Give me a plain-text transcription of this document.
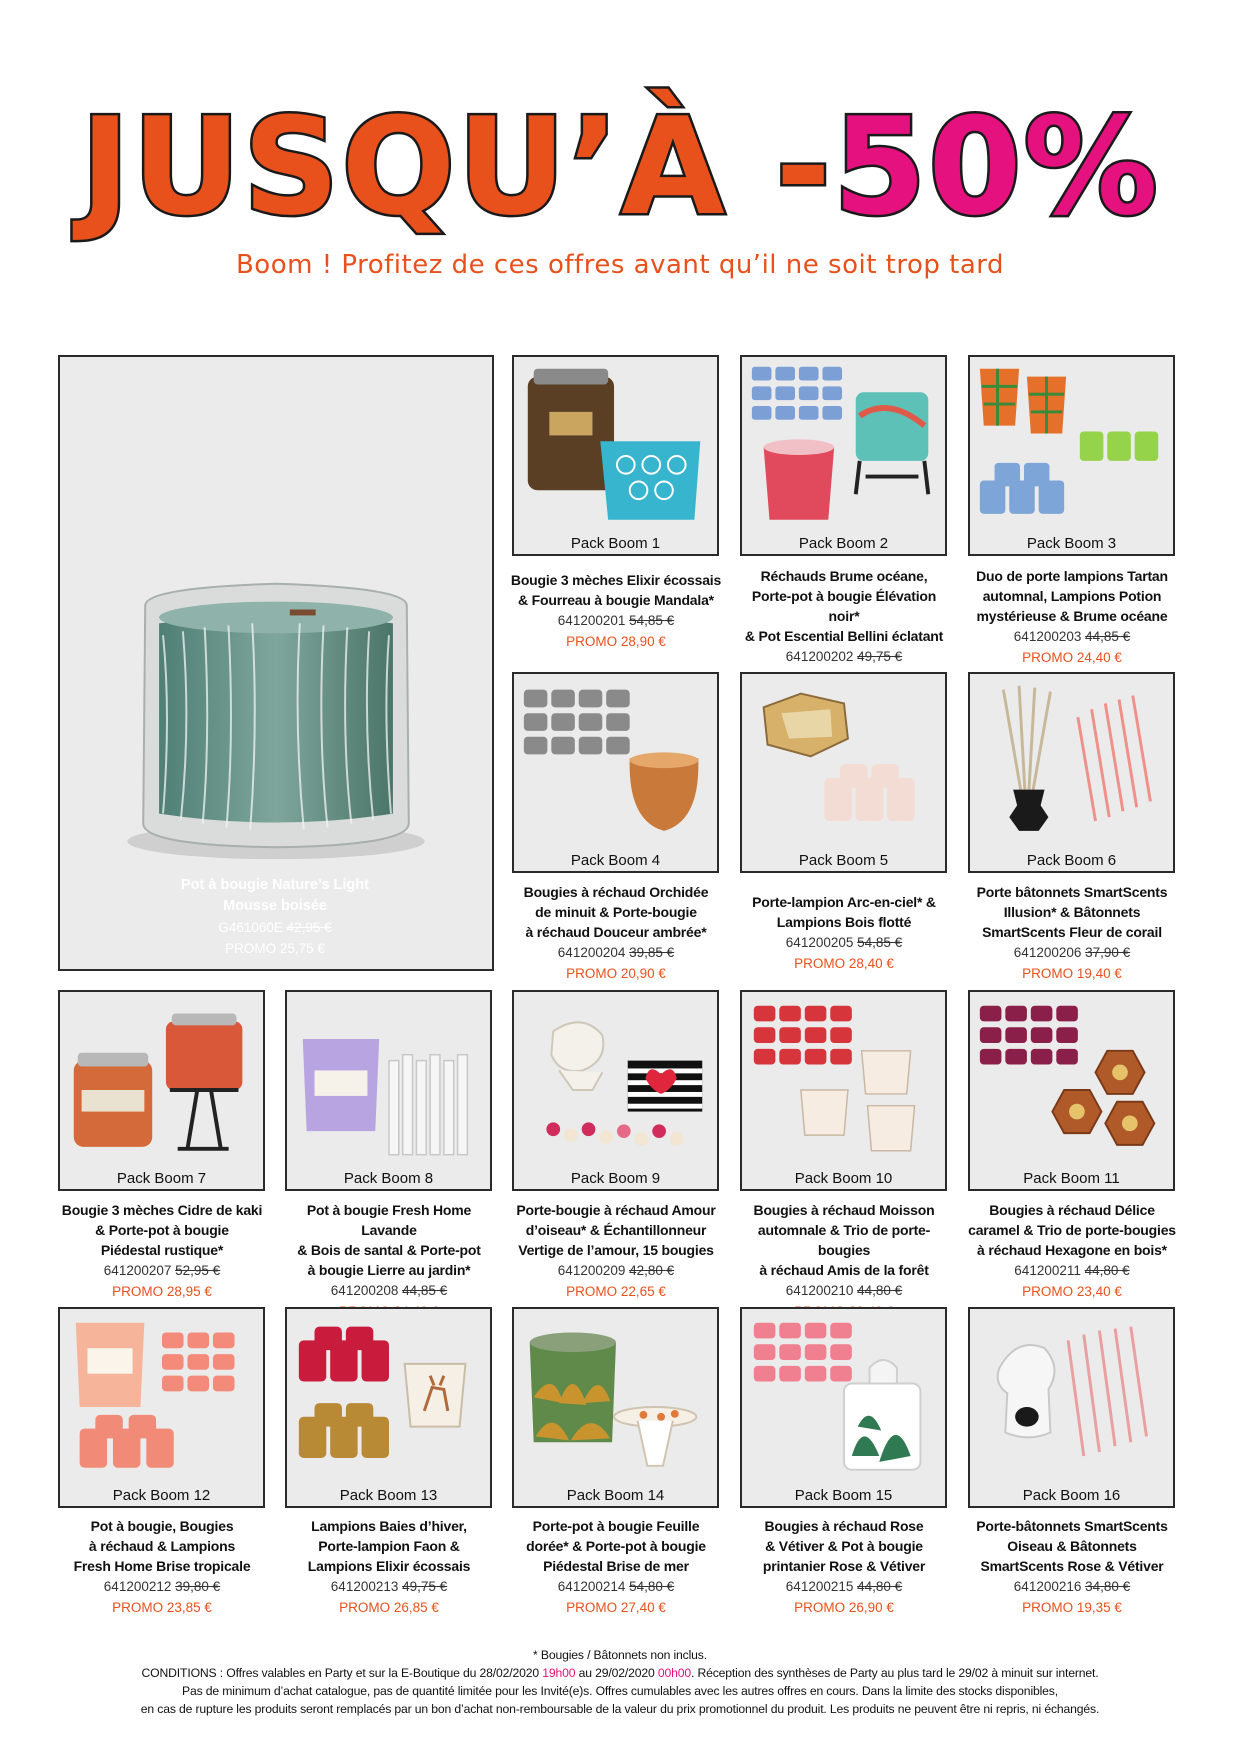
JUSQU’À -50%
Boom ! Profitez de ces offres avant qu’il ne soit trop tard
Pot à bougie Nature’s Light
Mousse boisée
G461060E 42,95 €
PROMO 25,75 €
Pack Boom 1	Pack Boom 2	Pack Boom 3
Bougie 3 mèches Elixir écossais
& Fourreau à bougie Mandala*
641200201 54,85 €
PROMO 28,90 €
Réchauds Brume océane,
Porte-pot à bougie Élévation noir*
& Pot Escential Bellini éclatant
641200202 49,75 €
Duo de porte lampions Tartan
automnal, Lampions Potion
mystérieuse & Brume océane
641200203 44,85 €
PROMO 24,40 €
Pack Boom 4	Pack Boom 5	Pack Boom 6
Bougies à réchaud Orchidée
de minuit & Porte-bougie
à réchaud Douceur ambrée*
641200204 39,85 €
PROMO 20,90 €
Porte-lampion Arc-en-ciel* &
Lampions Bois flotté
641200205 54,85 €
PROMO 28,40 €
Porte bâtonnets SmartScents
Illusion* & Bâtonnets
SmartScents Fleur de corail
641200206 37,90 €
PROMO 19,40 €
Pack Boom 7	Pack Boom 8	Pack Boom 9	Pack Boom 10	Pack Boom 11
Bougie 3 mèches Cidre de kaki
& Porte-pot à bougie
Piédestal rustique*
641200207 52,95 €
PROMO 28,95 €
Pot à bougie Fresh Home Lavande
& Bois de santal & Porte-pot
à bougie Lierre au jardin*
641200208 44,85 €
Porte-bougie à réchaud Amour
d’oiseau* & Échantillonneur
Vertige de l’amour, 15 bougies
641200209 42,80 €
PROMO 22,65 €
Bougies à réchaud Moisson
automnale & Trio de porte-bougies
à réchaud Amis de la forêt
641200210 44,80 €
Bougies à réchaud Délice
caramel & Trio de porte-bougies
à réchaud Hexagone en bois*
641200211 44,80 €
PROMO 23,40 €
Pack Boom 12	Pack Boom 13	Pack Boom 14	Pack Boom 15	Pack Boom 16
Pot à bougie, Bougies
à réchaud & Lampions
Fresh Home Brise tropicale
641200212 39,80 €
PROMO 23,85 €
Lampions Baies d’hiver,
Porte-lampion Faon &
Lampions Elixir écossais
641200213 49,75 €
PROMO 26,85 €
Porte-pot à bougie Feuille
dorée* & Porte-pot à bougie
Piédestal Brise de mer
641200214 54,80 €
PROMO 27,40 €
Bougies à réchaud Rose
& Vétiver & Pot à bougie
printanier Rose & Vétiver
641200215 44,80 €
PROMO 26,90 €
Porte-bâtonnets SmartScents
Oiseau & Bâtonnets
SmartScents Rose & Vétiver
641200216 34,80 €
PROMO 19,35 €
* Bougies / Bâtonnets non inclus.
CONDITIONS : Offres valables en Party et sur la E-Boutique du 28/02/2020 19h00 au 29/02/2020 00h00. Réception des synthèses de Party au plus tard le 29/02 à minuit sur internet.
Pas de minimum d’achat catalogue, pas de quantité limitée pour les Invité(e)s. Offres cumulables avec les autres offres en cours. Dans la limite des stocks disponibles,
en cas de rupture les produits seront remplacés par un bon d’achat non-remboursable de la valeur du prix promotionnel du produit. Les produits ne peuvent être ni repris, ni échangés.
